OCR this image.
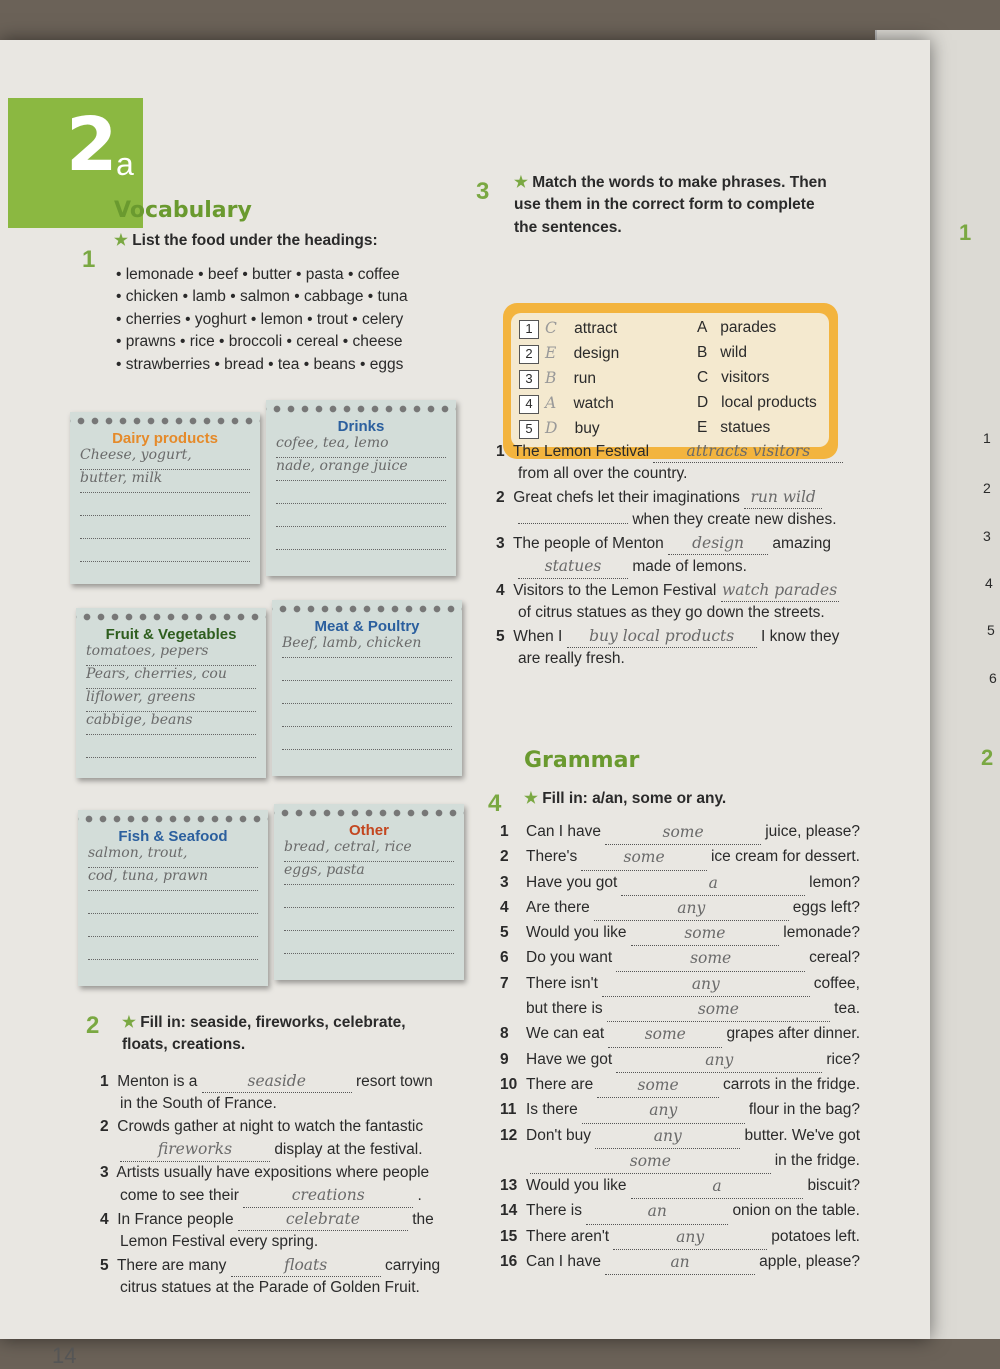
1
1
2
3
4
5
6
2
2
a
Vocabulary
1
★ List the food under the headings:
• lemonade • beef • butter • pasta • coffee
• chicken • lamb • salmon • cabbage • tuna
• cherries • yoghurt • lemon • trout • celery
• prawns • rice • broccoli • cereal • cheese
• strawberries • bread • tea • beans • eggs
Dairy products
Cheese, yogurt,
butter, milk
Drinks
cofee, tea, lemo
nade, orange juice
Fruit & Vegetables
tomatoes, pepers
Pears, cherries, cou
liflower, greens
cabbige, beans
Meat & Poultry
Beef, lamb, chicken
Fish & Seafood
salmon, trout,
cod, tuna, prawn
Other
bread, cetral, rice
eggs, pasta
2 ★ Fill in: seaside, fireworks, celebrate, floats, creations.
1 Menton is a	seaside	resort town
in the South of France.
2 Crowds gather at night to watch the fantastic
fireworks	display at the festival.
3 Artists usually have expositions where people
come to see their	creations	.
4 In France people	celebrate	the
Lemon Festival every spring.
5 There are many	floats	carrying
citrus statues at the Parade of Golden Fruit.
3 ★ Match the words to make phrases. Then
use them in the correct form to complete
the sentences.
1 C attract
2 E design
3 B run
4 A watch
5 D buy
A parades
B wild
C visitors
D local products
E statues
1 The Lemon Festival attracts visitors
from all over the country.
2 Great chefs let their imaginations run wild
when they create new dishes.
3 The people of Menton design amazing
statues made of lemons.
4 Visitors to the Lemon Festival watch parades
of citrus statues as they go down the streets.
5 When I buy local products I know they
are really fresh.
Grammar
4 ★ Fill in: a/an, some or any.
1	Can I have	some	juice, please?
2	There's	some	ice cream for dessert.
3	Have you got	a	lemon?
4	Are there	any	eggs left?
5	Would you like	some	lemonade?
6	Do you want	some	cereal?
7	There isn't	any	coffee,
but there is	some	tea.
8	We can eat	some	grapes after dinner.
9	Have we got	any	rice?
10 There are	some	carrots in the fridge.
11 Is there	any	flour in the bag?
12 Don't buy	any	butter. We've got
some	in the fridge.
13 Would you like	a	biscuit?
14 There is	an	onion on the table.
15 There aren't	any	potatoes left.
16 Can I have	an	apple, please?
14
